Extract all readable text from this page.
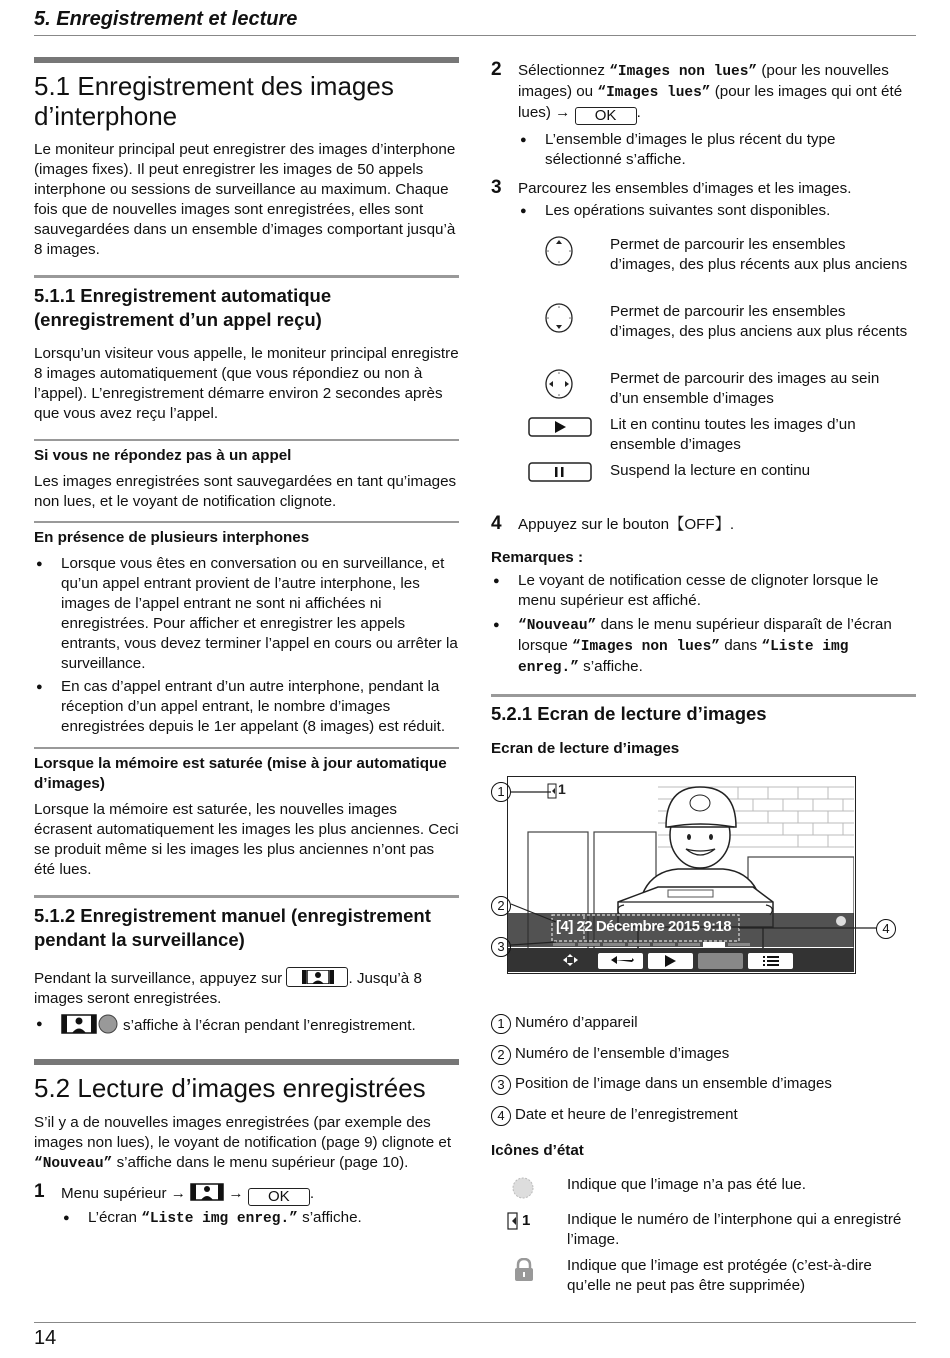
5. Enregistrement et lecture
5.1 Enregistrement des images
d’interphone

Le moniteur principal peut enregistrer des images d’interphone (images fixes). Il peut enregistrer les images de 50 appels interphone ou sessions de surveillance au maximum. Chaque fois que de nouvelles images sont enregistrées, elles sont sauvegardées dans un ensemble d’images comportant jusqu’à 8 images.

5.1.1 Enregistrement automatique
(enregistrement d’un appel reçu)

Lorsqu’un visiteur vous appelle, le moniteur principal enregistre 8 images automatiquement (que vous répondiez ou non à l’appel). L’enregistrement démarre environ 2 secondes après que vous avez reçu l’appel.

Si vous ne répondez pas à un appel

Les images enregistrées sont sauvegardées en tant qu’images non lues, et le voyant de notification clignote.

En présence de plusieurs interphones
● Lorsque vous êtes en conversation ou en surveillance, et qu’un appel entrant provient de l’autre interphone, les images de l’appel entrant ne sont ni affichées ni enregistrées. Pour afficher et enregistrer les appels entrants, vous devez terminer l’appel en cours ou arrêter la surveillance.
● En cas d’appel entrant d’un autre interphone, pendant la réception d’un appel entrant, le nombre d’images enregistrées depuis le 1er appelant (8 images) est réduit.
Lorsque la mémoire est saturée (mise à jour automatique d’images)

Lorsque la mémoire est saturée, les nouvelles images écrasent automatiquement les images les plus anciennes. Ceci se produit même si les images les plus anciennes n’ont pas été lues.

5.1.2 Enregistrement manuel (enregistrement
pendant la surveillance)
Pendant la surveillance, appuyez sur	. Jusqu’à 8
images seront enregistrées.
● s’affiche à l’écran pendant l’enregistrement.
5.2 Lecture d’images enregistrées
S’il y a de nouvelles images enregistrées (par exemple des images non lues), le voyant de notification (page 9) clignote et “Nouveau” s’affiche dans le menu supérieur (page 10).
1 Menu supérieur →	→ OK .
● L’écran “Liste img enreg.” s’affiche.
2 Sélectionnez “Images non lues” (pour les nouvelles images) ou “Images lues” (pour les images qui ont été lues) → OK .
● L’ensemble d’images le plus récent du type sélectionné s’affiche.
3 Parcourez les ensembles d’images et les images.
● Les opérations suivantes sont disponibles.
Permet de parcourir les ensembles d’images, des plus récents aux plus anciens
Permet de parcourir les ensembles d’images, des plus anciens aux plus récents
Permet de parcourir des images au sein d’un ensemble d’images
Lit en continu toutes les images d’un ensemble d’images
Suspend la lecture en continu
4 Appuyez sur le bouton【OFF】.
Remarques :
● Le voyant de notification cesse de clignoter lorsque le menu supérieur est affiché.
● “Nouveau” dans le menu supérieur disparaît de l’écran lorsque “Images non lues” dans “Liste img enreg.” s’affiche.
5.2.1 Ecran de lecture d’images
Ecran de lecture d’images
1
[4] 22 Décembre 2015 9:18
1
2
3
4
1 Numéro d’appareil
2 Numéro de l’ensemble d’images
3 Position de l’image dans un ensemble d’images
4 Date et heure de l’enregistrement
Icônes d’état
Indique que l’image n’a pas été lue.
1 Indique le numéro de l’interphone qui a enregistré l’image.
Indique que l’image est protégée (c’est-à-dire qu’elle ne peut pas être supprimée)
14
